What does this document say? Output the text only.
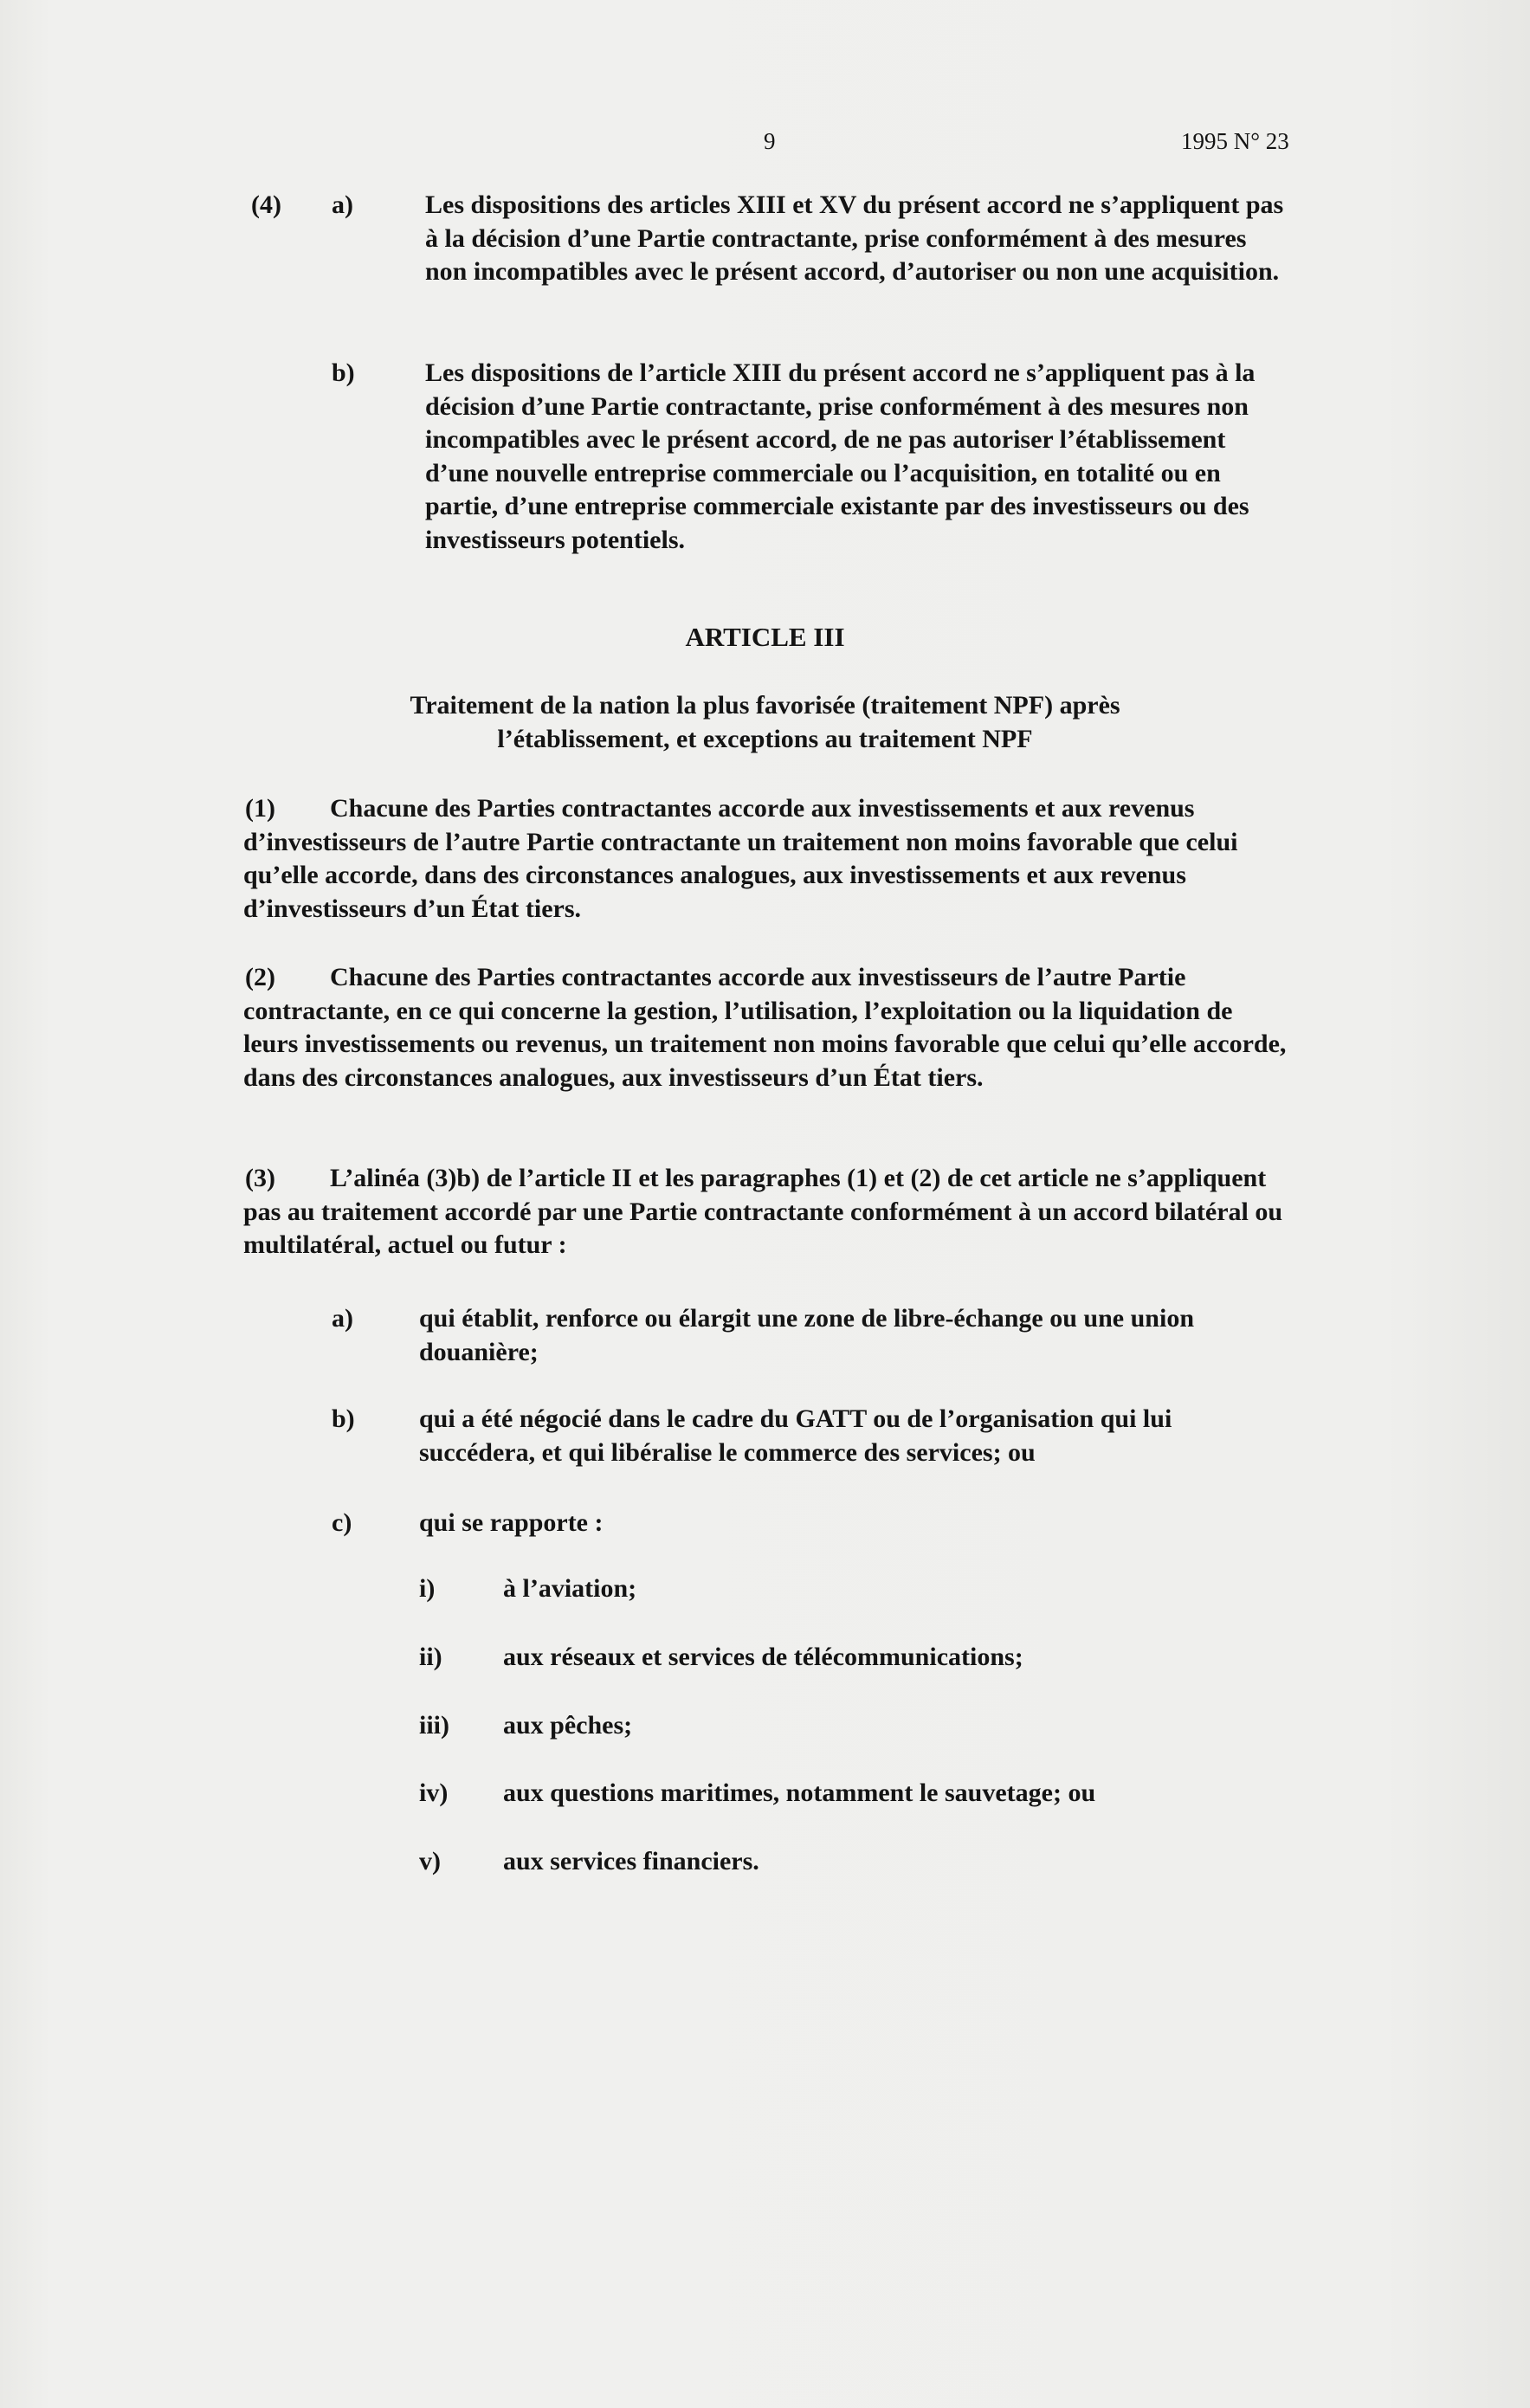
9	1995 N° 23
(4) a)	Les dispositions des articles XIII et XV du présent accord ne s’appliquent pas à la décision d’une Partie contractante, prise conformément à des mesures non incompatibles avec le présent accord, d’autoriser ou non une acquisition.

b)	Les dispositions de l’article XIII du présent accord ne s’appliquent pas à la décision d’une Partie contractante, prise conformément à des mesures non incompatibles avec le présent accord, de ne pas autoriser l’établissement d’une nouvelle entreprise commerciale ou l’acquisition, en totalité ou en partie, d’une entreprise commerciale existante par des investisseurs ou des investisseurs potentiels.

ARTICLE III
Traitement de la nation la plus favorisée (traitement NPF) après
l’établissement, et exceptions au traitement NPF
(1)	Chacune des Parties contractantes accorde aux investissements et aux revenus d’investisseurs de l’autre Partie contractante un traitement non moins favorable que celui qu’elle accorde, dans des circonstances analogues, aux investissements et aux revenus d’investisseurs d’un État tiers.

(2)	Chacune des Parties contractantes accorde aux investisseurs de l’autre Partie contractante, en ce qui concerne la gestion, l’utilisation, l’exploitation ou la liquidation de leurs investissements ou revenus, un traitement non moins favorable que celui qu’elle accorde, dans des circonstances analogues, aux investisseurs d’un État tiers.

(3)	L’alinéa (3)b) de l’article II et les paragraphes (1) et (2) de cet article ne s’appliquent pas au traitement accordé par une Partie contractante conformément à un accord bilatéral ou multilatéral, actuel ou futur :

a)	qui établit, renforce ou élargit une zone de libre-échange ou une union douanière;

b) qui a été négocié dans le cadre du GATT ou de l’organisation qui lui succédera, et qui libéralise le commerce des services; ou

c)	qui se rapporte :

i)	à l’aviation;
ii) aux réseaux et services de télécommunications;
iii) aux pêches;
iv) aux questions maritimes, notamment le sauvetage; ou
v) aux services financiers.
